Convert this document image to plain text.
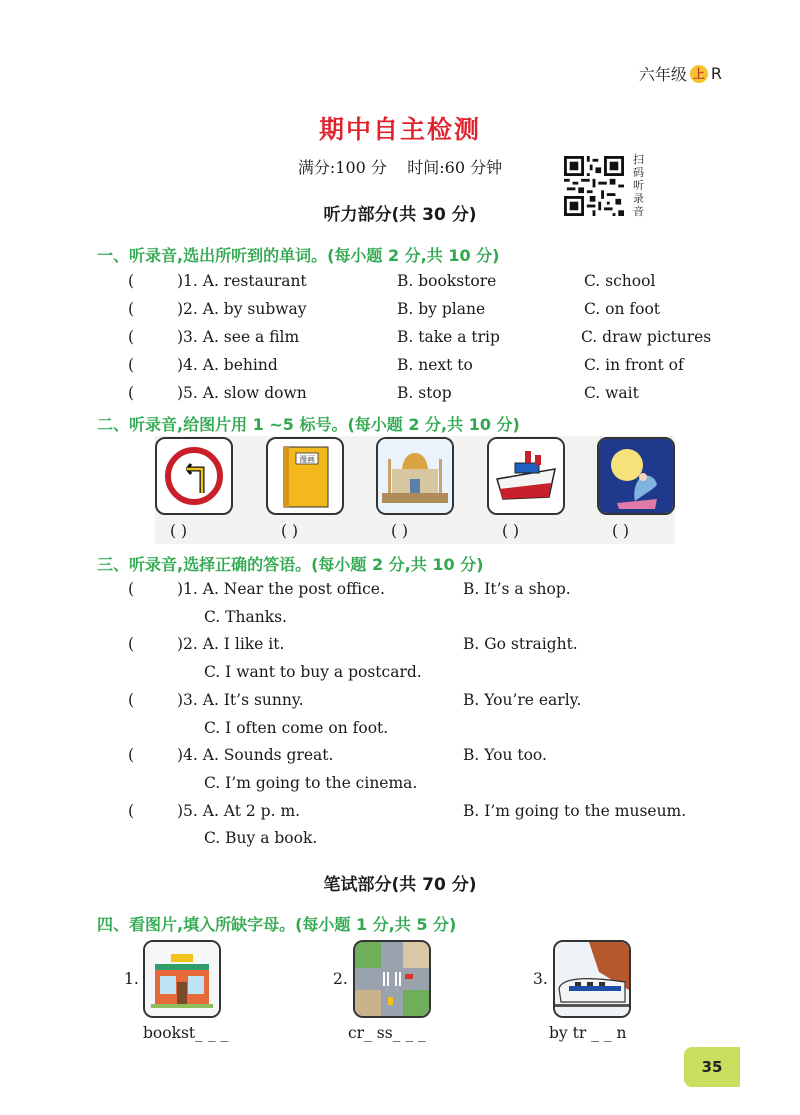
六年级 上 R
期中自主检测
满分:100 分 时间:60 分钟	扫
码
听
录
音
听力部分(共 30 分)
一、听录音,选出所听到的单词。(每小题 2 分,共 10 分)
(	)1. A. restaurant	B. bookstore	C. school
(	)2. A. by subway	B. by plane	C. on foot
(	)3. A. see a film	B. take a trip	C. draw pictures
(	)4. A. behind	B. next to	C. in front of
(	)5. A. slow down	B. stop	C. wait
二、听录音,给图片用 1 ~5 标号。(每小题 2 分,共 10 分)
漫画
( )	( )	( )	( )	( )
三、听录音,选择正确的答语。(每小题 2 分,共 10 分)
(	)1. A. Near the post office.	B. It’s a shop.
C. Thanks.
(	)2. A. I like it.	B. Go straight.
C. I want to buy a postcard.
(	)3. A. It’s sunny.	B. You’re early.
C. I often come on foot.
(	)4. A. Sounds great.	B. You too.
C. I’m going to the cinema.
(	)5. A. At 2 p. m.	B. I’m going to the museum.
C. Buy a book.
笔试部分(共 70 分)
四、看图片,填入所缺字母。(每小题 1 分,共 5 分)
1.
bookst_ _ _
2.
cr_ ss_ _ _
3.
by tr _ _ n
35
